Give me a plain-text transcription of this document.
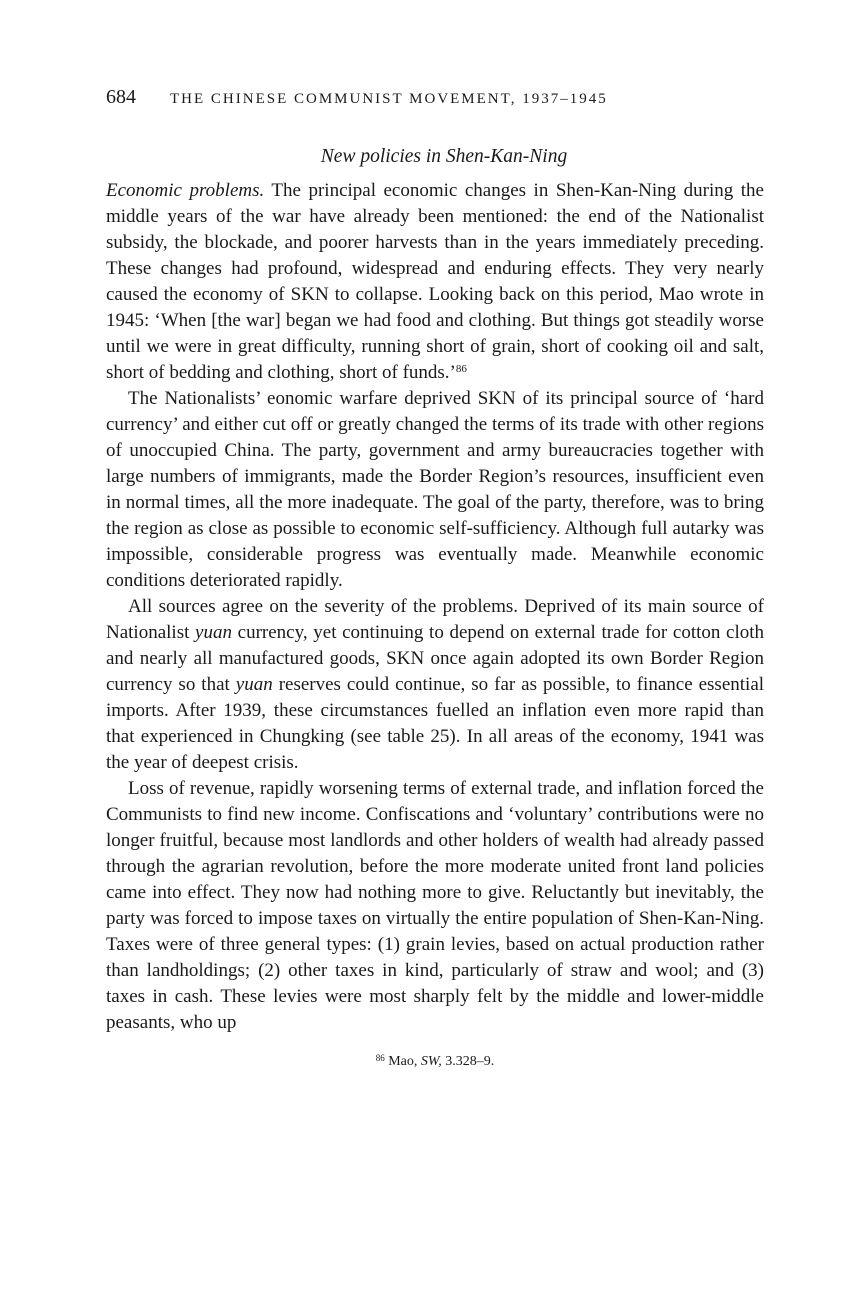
684	THE CHINESE COMMUNIST MOVEMENT, 1937–1945
New policies in Shen-Kan-Ning

Economic problems. The principal economic changes in Shen-Kan-Ning during the middle years of the war have already been mentioned: the end of the Nationalist subsidy, the blockade, and poorer harvests than in the years immediately preceding. These changes had profound, widespread and enduring effects. They very nearly caused the economy of SKN to collapse. Looking back on this period, Mao wrote in 1945: ‘When [the war] began we had food and clothing. But things got steadily worse until we were in great difficulty, running short of grain, short of cooking oil and salt, short of bedding and clothing, short of funds.’$^{86}$

The Nationalists’ eonomic warfare deprived SKN of its principal source of ‘hard currency’ and either cut off or greatly changed the terms of its trade with other regions of unoccupied China. The party, government and army bureaucracies together with large numbers of immigrants, made the Border Region’s resources, insufficient even in normal times, all the more inadequate. The goal of the party, therefore, was to bring the region as close as possible to economic self-sufficiency. Although full autarky was impossible, considerable progress was eventually made. Meanwhile economic conditions deteriorated rapidly.

All sources agree on the severity of the problems. Deprived of its main source of Nationalist yuan currency, yet continuing to depend on external trade for cotton cloth and nearly all manufactured goods, SKN once again adopted its own Border Region currency so that yuan reserves could continue, so far as possible, to finance essential imports. After 1939, these circumstances fuelled an inflation even more rapid than that experienced in Chungking (see table 25). In all areas of the economy, 1941 was the year of deepest crisis.

Loss of revenue, rapidly worsening terms of external trade, and inflation forced the Communists to find new income. Confiscations and ‘voluntary’ contributions were no longer fruitful, because most landlords and other holders of wealth had already passed through the agrarian revolution, before the more moderate united front land policies came into effect. They now had nothing more to give. Reluctantly but inevitably, the party was forced to impose taxes on virtually the entire population of Shen-Kan-Ning. Taxes were of three general types: (1) grain levies, based on actual production rather than landholdings; (2) other taxes in kind, particularly of straw and wool; and (3) taxes in cash. These levies were most sharply felt by the middle and lower-middle peasants, who up

$^{86}$ Mao, SW, 3.328–9.
